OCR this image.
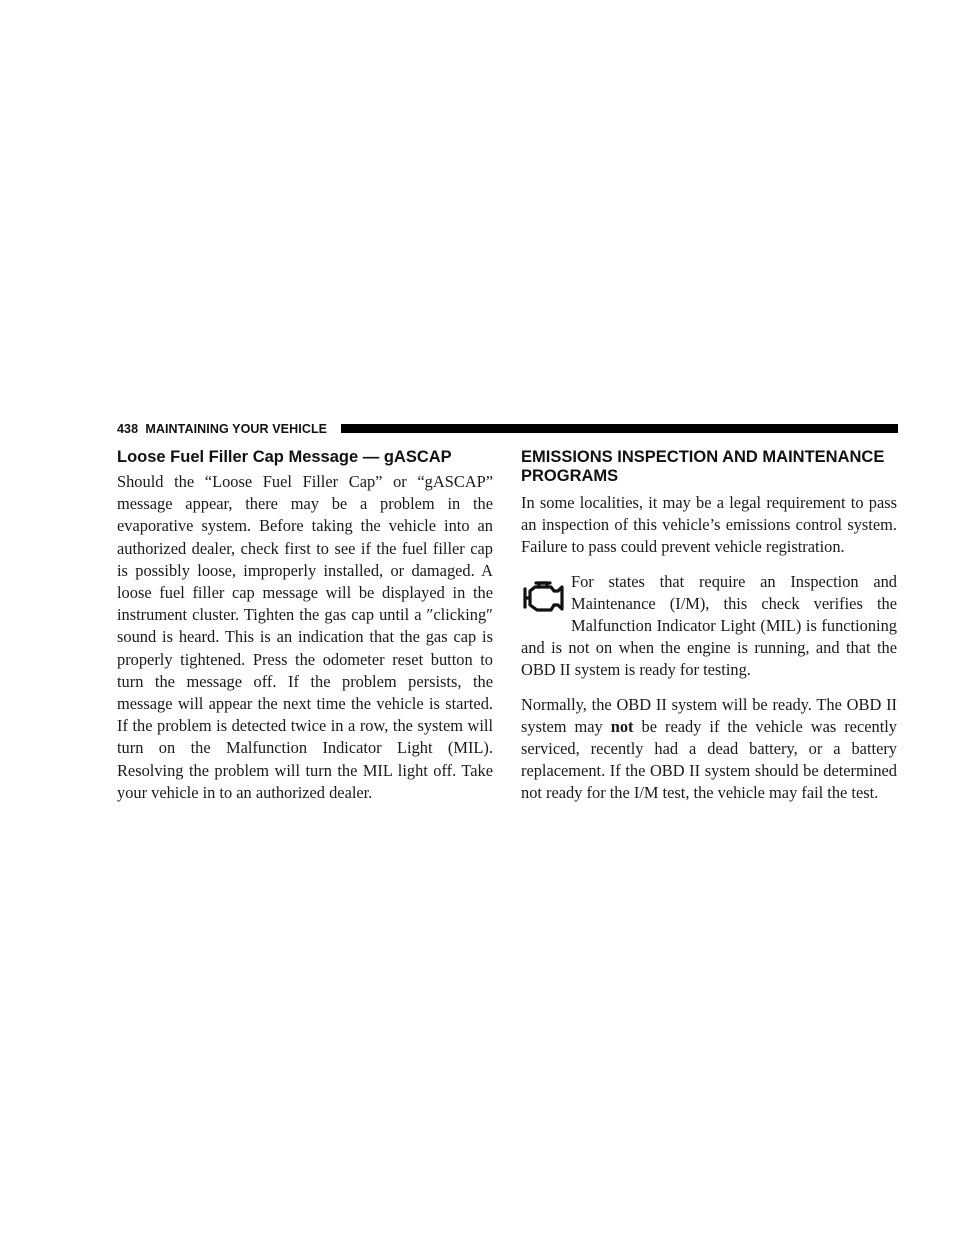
438 MAINTAINING YOUR VEHICLE
Loose Fuel Filler Cap Message — gASCAP

Should the “Loose Fuel Filler Cap” or “gASCAP” message appear, there may be a problem in the evaporative system. Before taking the vehicle into an authorized dealer, check first to see if the fuel filler cap is possibly loose, improperly installed, or damaged. A loose fuel filler cap message will be displayed in the instrument cluster. Tighten the gas cap until a ″clicking″ sound is heard. This is an indication that the gas cap is properly tightened. Press the odometer reset button to turn the message off. If the problem persists, the message will appear the next time the vehicle is started. If the problem is detected twice in a row, the system will turn on the Malfunction Indicator Light (MIL). Resolving the problem will turn the MIL light off. Take your vehicle in to an authorized dealer.

EMISSIONS INSPECTION AND MAINTENANCE PROGRAMS

In some localities, it may be a legal requirement to pass an inspection of this vehicle’s emissions control system. Failure to pass could prevent vehicle registration.

For states that require an Inspection and Maintenance (I/M), this check verifies the Malfunction Indicator Light (MIL) is functioning and is not on when the engine is running, and that the OBD II system is ready for testing.

Normally, the OBD II system will be ready. The OBD II system may not be ready if the vehicle was recently serviced, recently had a dead battery, or a battery replacement. If the OBD II system should be determined not ready for the I/M test, the vehicle may fail the test.
